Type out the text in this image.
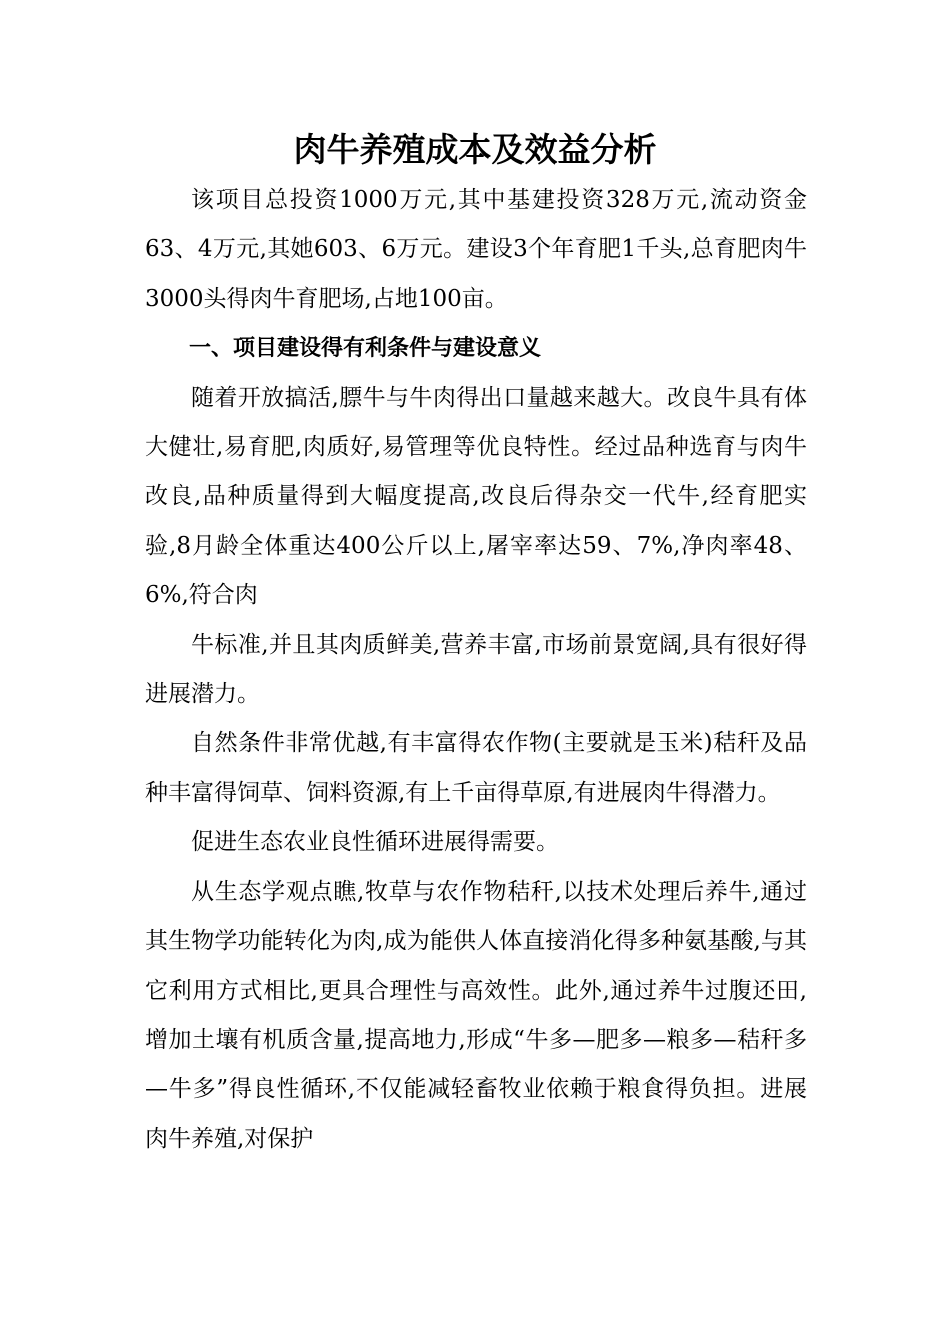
肉牛养殖成本及效益分析

该项目总投资1000万元,其中基建投资328万元,流动资金63、4万元,其她603、6万元。建设3个年育肥1千头,总育肥肉牛3000头得肉牛育肥场,占地100亩。

一、项目建设得有利条件与建设意义

随着开放搞活,膘牛与牛肉得出口量越来越大。改良牛具有体大健壮,易育肥,肉质好,易管理等优良特性。经过品种选育与肉牛改良,品种质量得到大幅度提高,改良后得杂交一代牛,经育肥实验,8月龄全体重达400公斤以上,屠宰率达59、7%,净肉率48、6%,符合肉

牛标准,并且其肉质鲜美,营养丰富,市场前景宽阔,具有很好得进展潜力。

自然条件非常优越,有丰富得农作物(主要就是玉米)秸秆及品种丰富得饲草、饲料资源,有上千亩得草原,有进展肉牛得潜力。

促进生态农业良性循环进展得需要。

从生态学观点瞧,牧草与农作物秸秆,以技术处理后养牛,通过其生物学功能转化为肉,成为能供人体直接消化得多种氨基酸,与其它利用方式相比,更具合理性与高效性。此外,通过养牛过腹还田,增加土壤有机质含量,提高地力,形成“牛多—肥多—粮多—秸秆多—牛多”得良性循环,不仅能减轻畜牧业依赖于粮食得负担。进展肉牛养殖,对保护
